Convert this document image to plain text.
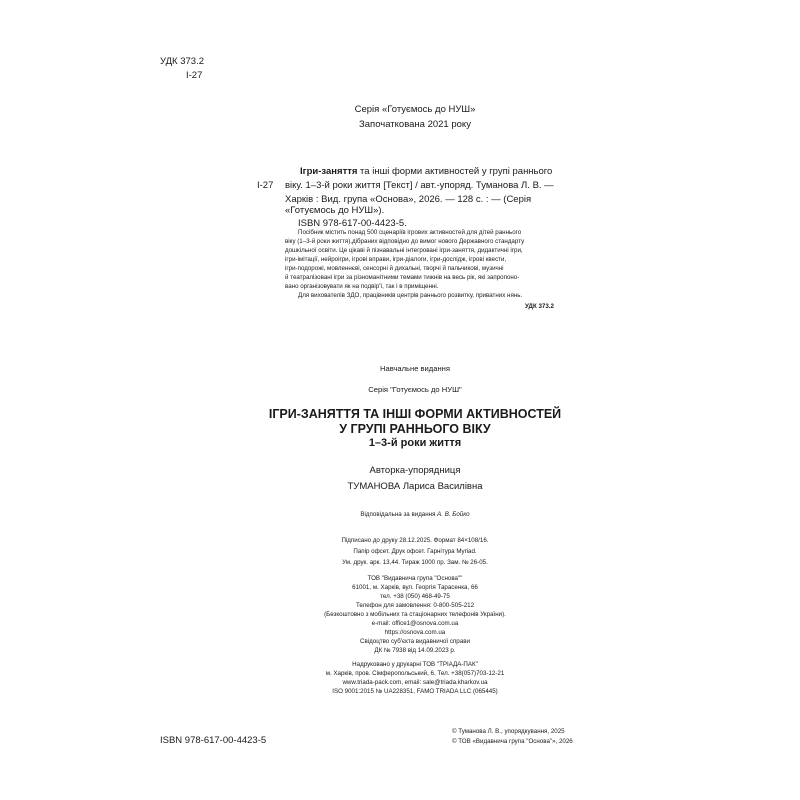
УДК 373.2
І-27
Серія «Готуємось до НУШ»
Започаткована 2021 року
І-27
Ігри-заняття та інші форми активностей у групі раннього
віку. 1–3-й роки життя [Текст] / авт.-упоряд. Туманова Л. В. —
Харків : Вид. група «Основа», 2026. — 128 с. : — (Серія
«Готуємось до НУШ»).
ISBN 978-617-00-4423-5.
Посібник містить понад 500 сценаріїв ігрових активностей для дітей раннього
віку (1–3-й роки життя),дібраних відповідно до вимог нового Державного стандарту
дошкільної освіти. Це цікаві й пізнавальні інтегровані ігри-заняття, дидактичні ігри,
ігри-імітації, нейроігри, ігрові вправи, ігри-діалоги, ігри-дослідж, ігрові квести,
ігри-подорожі, мовленнєві, сенсорні й дихальні, творчі й пальчикові, музичні
й театралізовані ігри за різноманітними темами тижнів на весь рік, які запропоно-
вано організовувати як на подвір'ї, так і в приміщенні.
Для вихователів ЗДО, працівників центрів раннього розвитку, приватних нянь.
УДК 373.2
Навчальне видання
Серія "Готуємось до НУШ"
ІГРИ-ЗАНЯТТЯ ТА ІНШІ ФОРМИ АКТИВНОСТЕЙ
У ГРУПІ РАННЬОГО ВІКУ
1–3-й роки життя
Авторка-упорядниця
ТУМАНОВА Лариса Василівна
Відповідальна за видання А. В. Бойко
Підписано до друку 28.12.2025. Формат 84×108/16.
Папір офсет. Друк офсет. Гарнітура Myriad.
Ум. друк. арк. 13,44. Тираж 1000 пр. Зам. № 26-05.
ТОВ "Видавнича група "Основа""
61001, м. Харків, вул. Георгія Тарасенка, 66
тел. +38 (050) 468-49-75
Телефон для замовлення: 0-800-505-212
(Безкоштовно з мобільних та стаціонарних телефонів України).
e-mail: office1@osnova.com.ua
https://osnova.com.ua
Свідоцтво суб'єкта видавничої справи
ДК № 7938 від 14.09.2023 р.
Надруковано у друкарні ТОВ "ТРІАДА-ПАК"
м. Харків, пров. Сімферопольський, 6. Тел. +38(057)703-12-21
www.triada-pack.com, email: sale@triada.kharkov.ua
ISO 9001:2015 № UA228351, FAMO TRIADA LLC (065445)
ISBN 978-617-00-4423-5
© Туманова Л. В., упорядкування, 2025
© ТОВ «Видавнича група "Основа"», 2026
